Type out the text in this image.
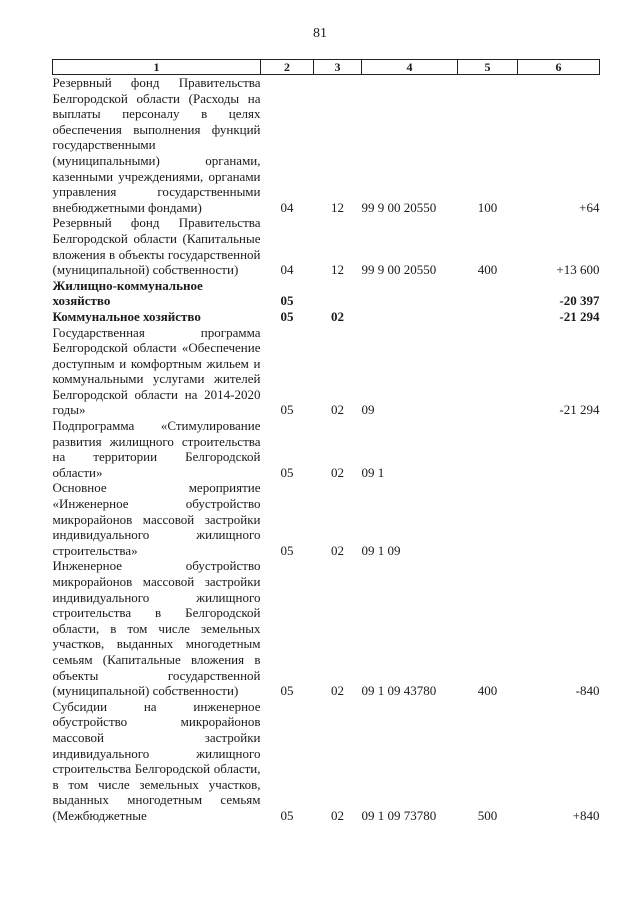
81
1	2	3	4	5	6
Резервный фонд Правительства Белгородской области (Расходы на выплаты персоналу в целях обеспечения выполнения функций государственными (муниципальными) органами, казенными учреждениями, органами управления государственными внебюджетными фондами)	04	12	99 9 00 20550	100	+64
Резервный фонд Правительства Белгородской области (Капитальные вложения в объекты государственной (муниципальной) собственности)	04	12	99 9 00 20550	400	+13 600
Жилищно-коммунальное хозяйство	05				-20 397
Коммунальное хозяйство	05	02			-21 294
Государственная программа Белгородской области «Обеспечение доступным и комфортным жильем и коммунальными услугами жителей Белгородской области на 2014-2020 годы»	05	02	09		-21 294
Подпрограмма «Стимулирование развития жилищного строительства на территории Белгородской области»	05	02	09 1		
Основное мероприятие «Инженерное обустройство микрорайонов массовой застройки индивидуального жилищного строительства»	05	02	09 1 09		
Инженерное обустройство микрорайонов массовой застройки индивидуального жилищного строительства в Белгородской области, в том числе земельных участков, выданных многодетным семьям (Капитальные вложения в объекты государственной (муниципальной) собственности)	05	02	09 1 09 43780	400	-840
Субсидии на инженерное обустройство микрорайонов массовой застройки индивидуального жилищного строительства Белгородской области, в том числе земельных участков, выданных многодетным семьям (Межбюджетные	05	02	09 1 09 73780	500	+840
